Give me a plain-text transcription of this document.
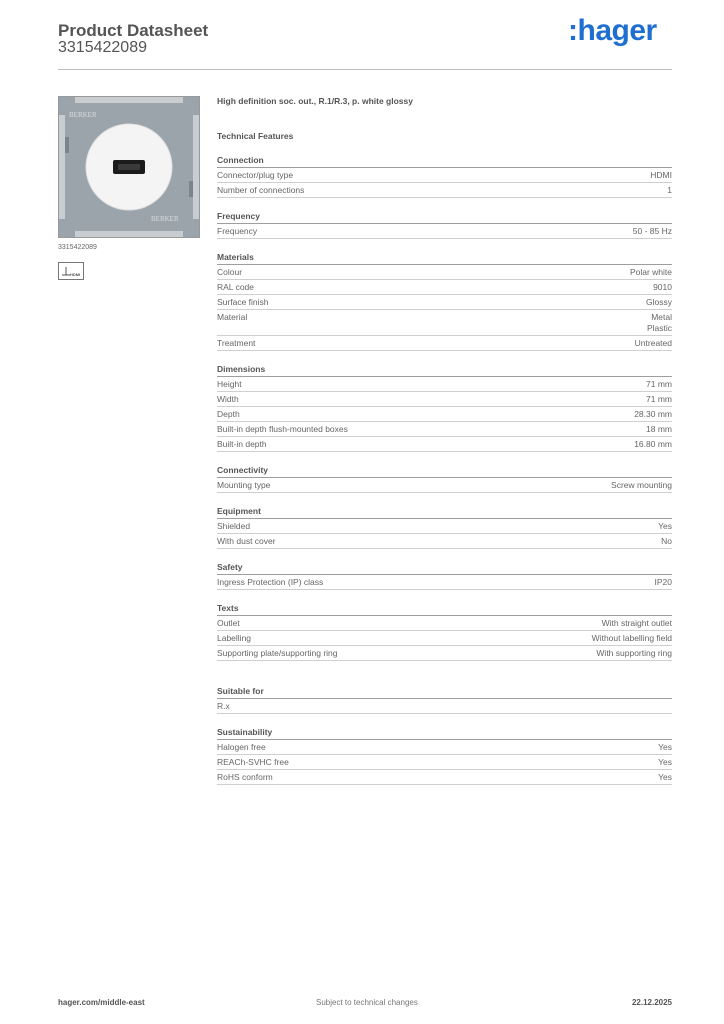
Product Datasheet
3315422089
:hager
BERKER
BERKER
3315422089
HDMI
High definition soc. out., R.1/R.3, p. white glossy
Technical Features
Connection
Connector/plug type	HDMI
Number of connections	1
Frequency
Frequency	50 - 85 Hz
Materials
Colour	Polar white
RAL code	9010
Surface finish	Glossy
Material	Metal
Plastic
Treatment	Untreated
Dimensions
Height	71 mm
Width	71 mm
Depth	28.30 mm
Built-in depth flush-mounted boxes	18 mm
Built-in depth	16.80 mm
Connectivity
Mounting type	Screw mounting
Equipment
Shielded	Yes
With dust cover	No
Safety
Ingress Protection (IP) class	IP20
Texts
Outlet	With straight outlet
Labelling	Without labelling field
Supporting plate/supporting ring	With supporting ring
Suitable for
R.x
Sustainability
Halogen free	Yes
REACh-SVHC free	Yes
RoHS conform	Yes
hager.com/middle-east	Subject to technical changes	22.12.2025
